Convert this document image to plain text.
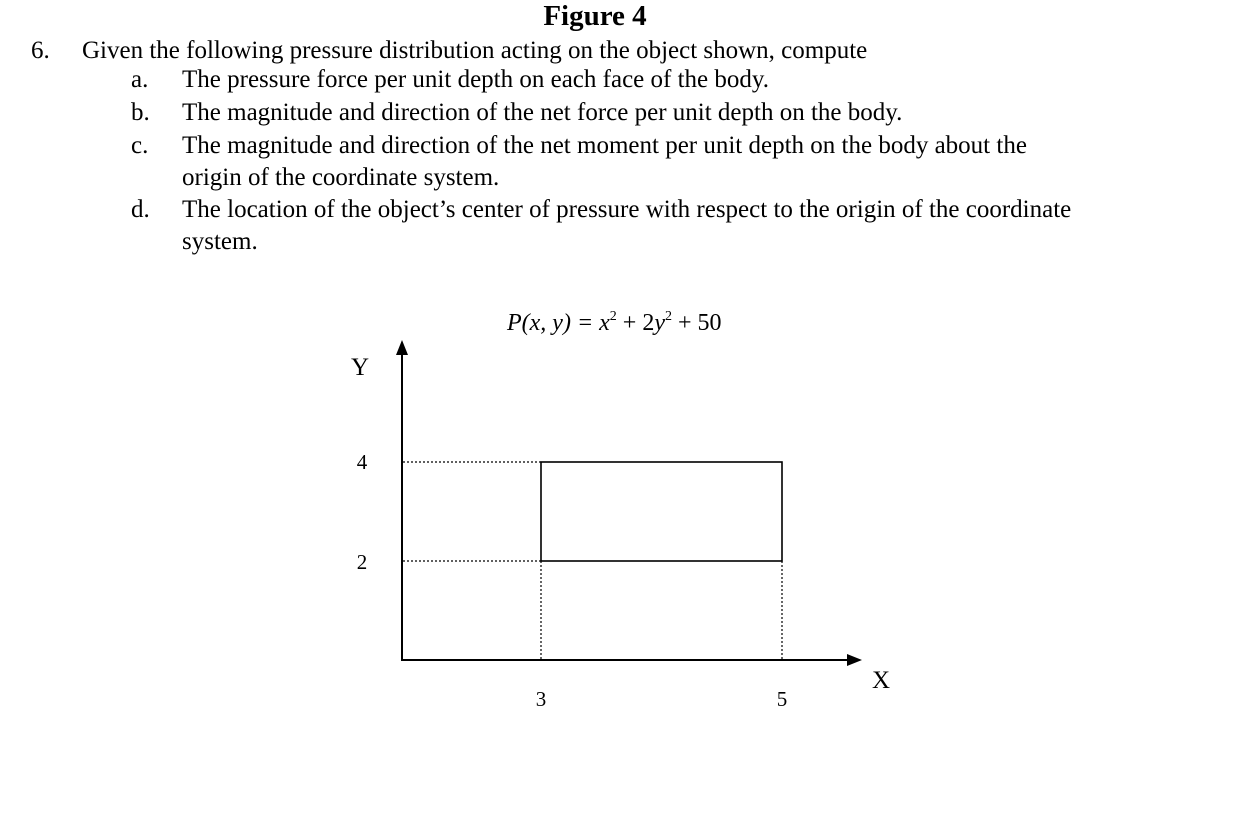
Figure 4
6. Given the following pressure distribution acting on the object shown, compute
a. The pressure force per unit depth on each face of the body.
b. The magnitude and direction of the net force per unit depth on the body.
c. The magnitude and direction of the net moment per unit depth on the body about the
origin of the coordinate system.
d. The location of the object’s center of pressure with respect to the origin of the coordinate
system.
P(x, $y) = x^2 + 2y^2 + 50$
Y
X
4
2
3	5
